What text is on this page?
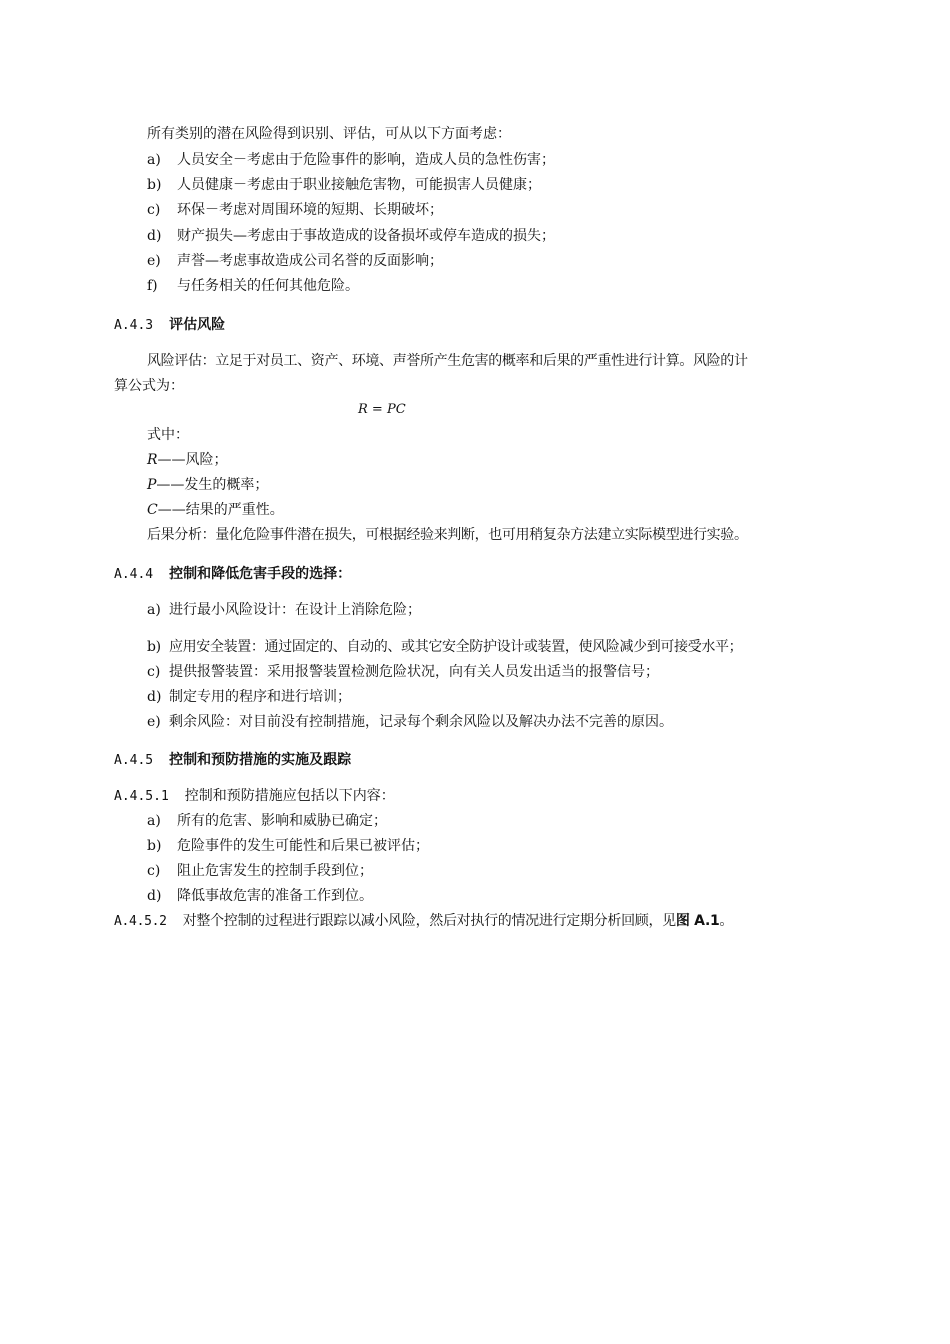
所有类别的潜在风险得到识别、评估，可从以下方面考虑：

a) 人员安全－考虑由于危险事件的影响，造成人员的急性伤害；

b) 人员健康－考虑由于职业接触危害物，可能损害人员健康；

c) 环保－考虑对周围环境的短期、长期破坏；

d) 财产损失—考虑由于事故造成的设备损坏或停车造成的损失；

e) 声誉—考虑事故造成公司名誉的反面影响；

f) 与任务相关的任何其他危险。

A.4.3 评估风险

风险评估：立足于对员工、资产、环境、声誉所产生危害的概率和后果的严重性进行计算。风险的计

算公式为：

R = PC

式中：

R——风险；

P——发生的概率；

C——结果的严重性。

后果分析：量化危险事件潜在损失，可根据经验来判断，也可用稍复杂方法建立实际模型进行实验。

A.4.4 控制和降低危害手段的选择：

a) 进行最小风险设计：在设计上消除危险；

b) 应用安全装置：通过固定的、自动的、或其它安全防护设计或装置，使风险减少到可接受水平；

c) 提供报警装置：采用报警装置检测危险状况，向有关人员发出适当的报警信号；

d) 制定专用的程序和进行培训；

e) 剩余风险：对目前没有控制措施，记录每个剩余风险以及解决办法不完善的原因。

A.4.5 控制和预防措施的实施及跟踪

A.4.5.1 控制和预防措施应包括以下内容：

a) 所有的危害、影响和威胁已确定；

b) 危险事件的发生可能性和后果已被评估；

c) 阻止危害发生的控制手段到位；

d) 降低事故危害的准备工作到位。

A.4.5.2 对整个控制的过程进行跟踪以减小风险，然后对执行的情况进行定期分析回顾，见图 A.1。
